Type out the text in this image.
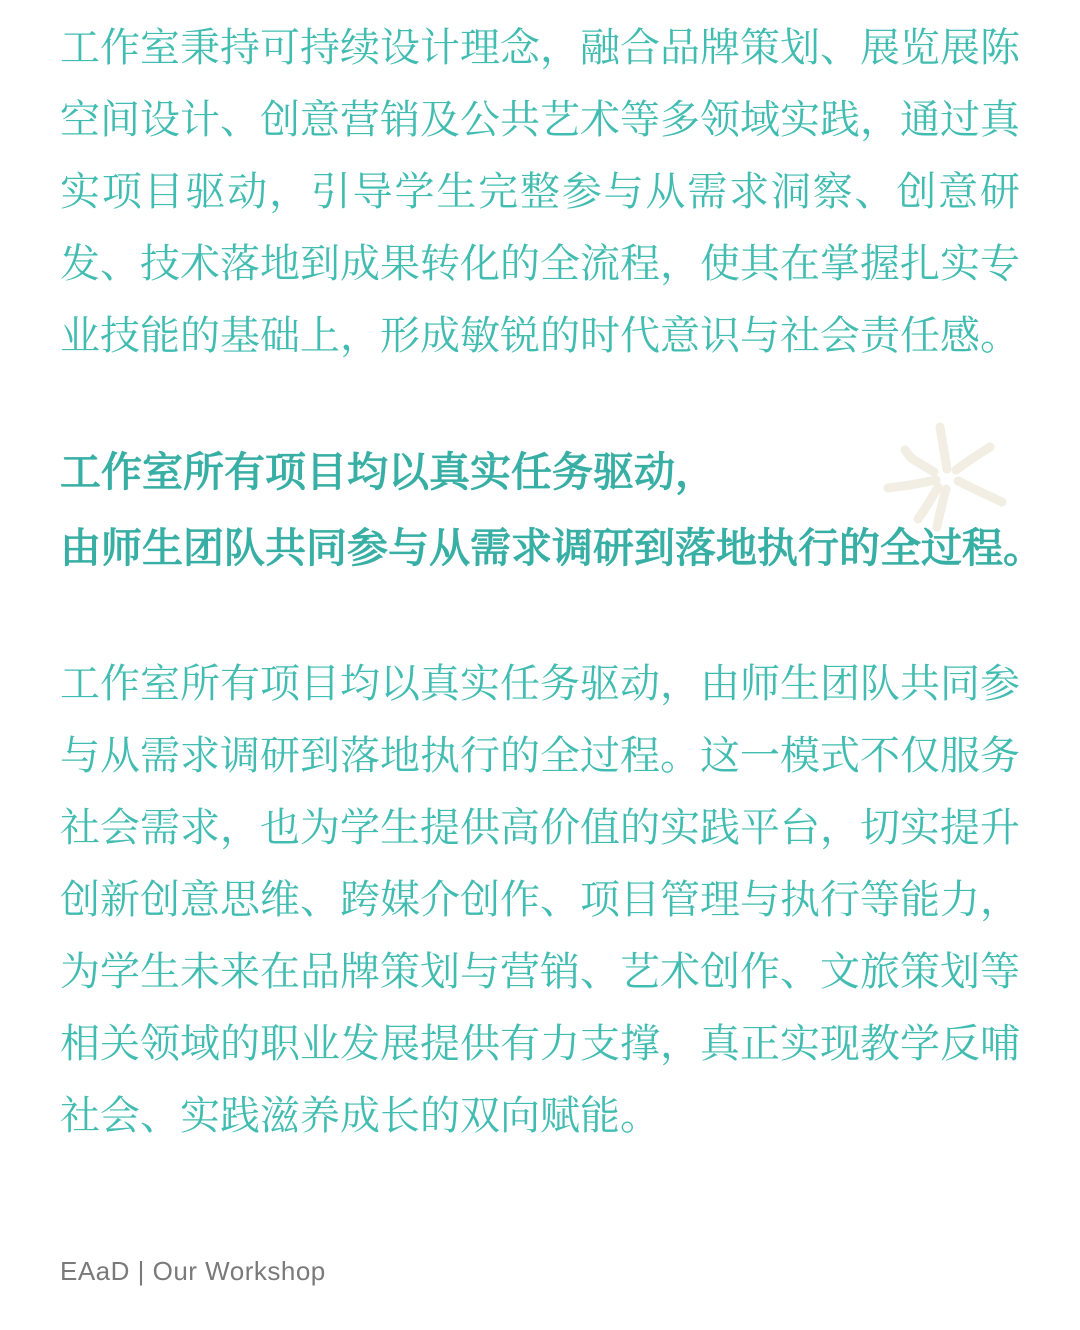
工作室秉持可持续设计理念，融合品牌策划、展览展陈空间设计、创意营销及公共艺术等多领域实践，通过真实项目驱动，引导学生完整参与从需求洞察、创意研发、技术落地到成果转化的全流程，使其在掌握扎实专业技能的基础上，形成敏锐的时代意识与社会责任感。

工作室所有项目均以真实任务驱动，
由师生团队共同参与从需求调研到落地执行的全过程。

工作室所有项目均以真实任务驱动，由师生团队共同参与从需求调研到落地执行的全过程。这一模式不仅服务社会需求，也为学生提供高价值的实践平台，切实提升创新创意思维、跨媒介创作、项目管理与执行等能力，为学生未来在品牌策划与营销、艺术创作、文旅策划等相关领域的职业发展提供有力支撑，真正实现教学反哺社会、实践滋养成长的双向赋能。

EAaD | Our Workshop
